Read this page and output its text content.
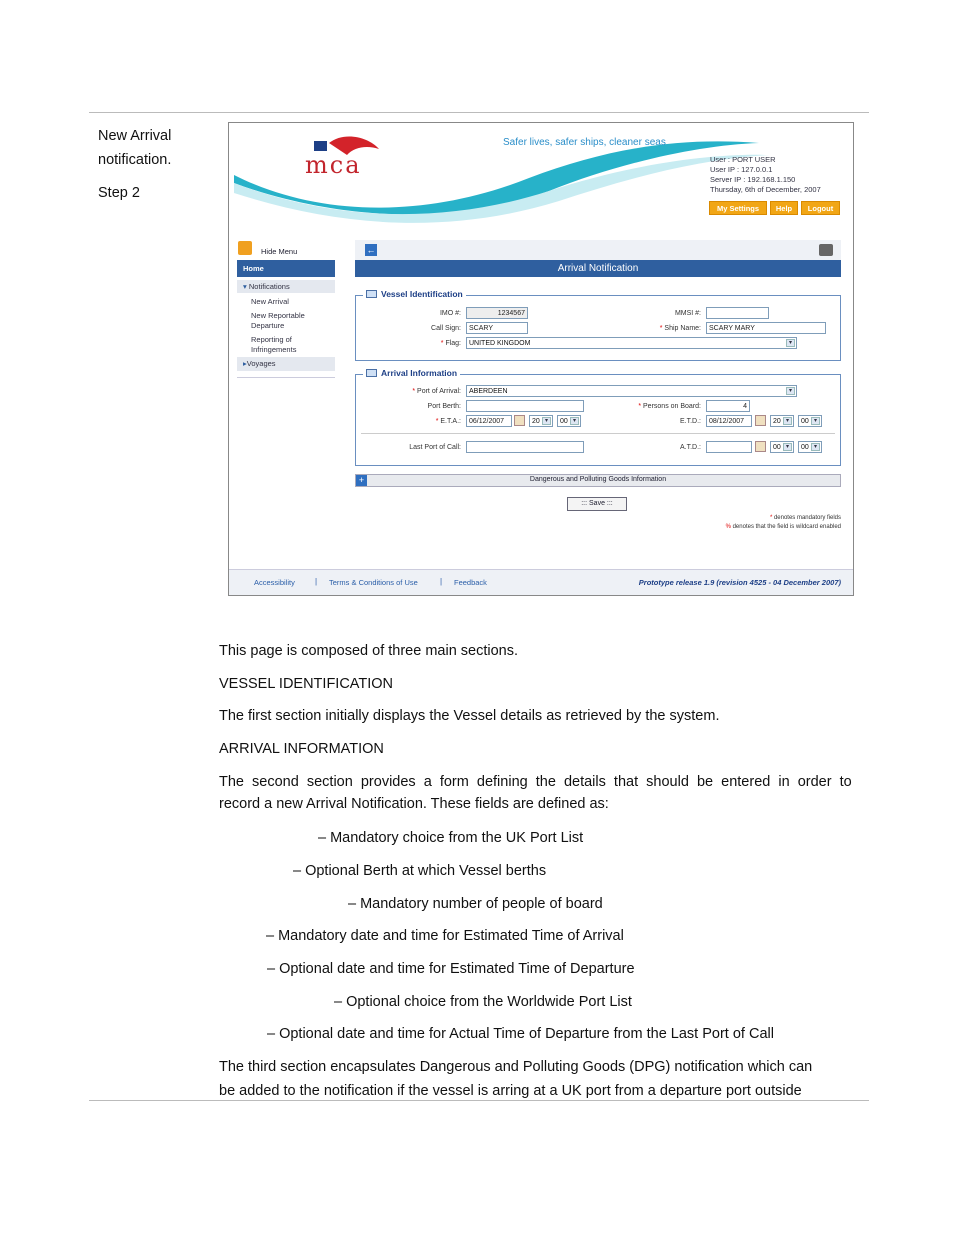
New Arrival
notification.
Step 2
mca
Safer lives, safer ships, cleaner seas
User : PORT USER
User IP : 127.0.0.1
Server IP : 192.168.1.150
Thursday, 6th of December, 2007
My Settings	Help	Logout
Hide Menu
Home
▾ Notifications
New Arrival
New Reportable
Departure
Reporting of
Infringements
▸Voyages
←
Arrival Notification
Vessel Identification
IMO #:	1234567	MMSI #:
Call Sign:	SCARY	* Ship Name:	SCARY MARY
* Flag:	UNITED KINGDOM	▾
Arrival Information
* Port of Arrival:	ABERDEEN	▾
Port Berth:	* Persons on Board:	4
* E.T.A.:	06/12/2007	20 ▾	00 ▾	E.T.D.:	08/12/2007	20 ▾	00 ▾
Last Port of Call:	A.T.D.:	00 ▾	00 ▾
+	Dangerous and Polluting Goods Information
::: Save :::
* denotes mandatory fields
% denotes that the field is wildcard enabled
Accessibility	| Terms & Conditions of Use	| Feedback	Prototype release 1.9 (revision 4525 - 04 December 2007)
This page is composed of three main sections.
VESSEL IDENTIFICATION
The first section initially displays the Vessel details as retrieved by the system.
ARRIVAL INFORMATION
The  second  section  provides  a  form  defining  the  details  that  should  be  entered  in  order  to
record a new Arrival Notification. These fields are defined as:
– Mandatory choice from the UK Port List
– Optional Berth at which Vessel berths
– Mandatory number of people of board
– Mandatory date and time for Estimated Time of Arrival
– Optional date and time for Estimated Time of Departure
– Optional choice from the Worldwide Port List
– Optional date and time for Actual Time of Departure from the Last Port of Call
The third section encapsulates Dangerous and Polluting Goods (DPG) notification which can
be added to the notification if the vessel is arring at a UK port from a departure port outside
